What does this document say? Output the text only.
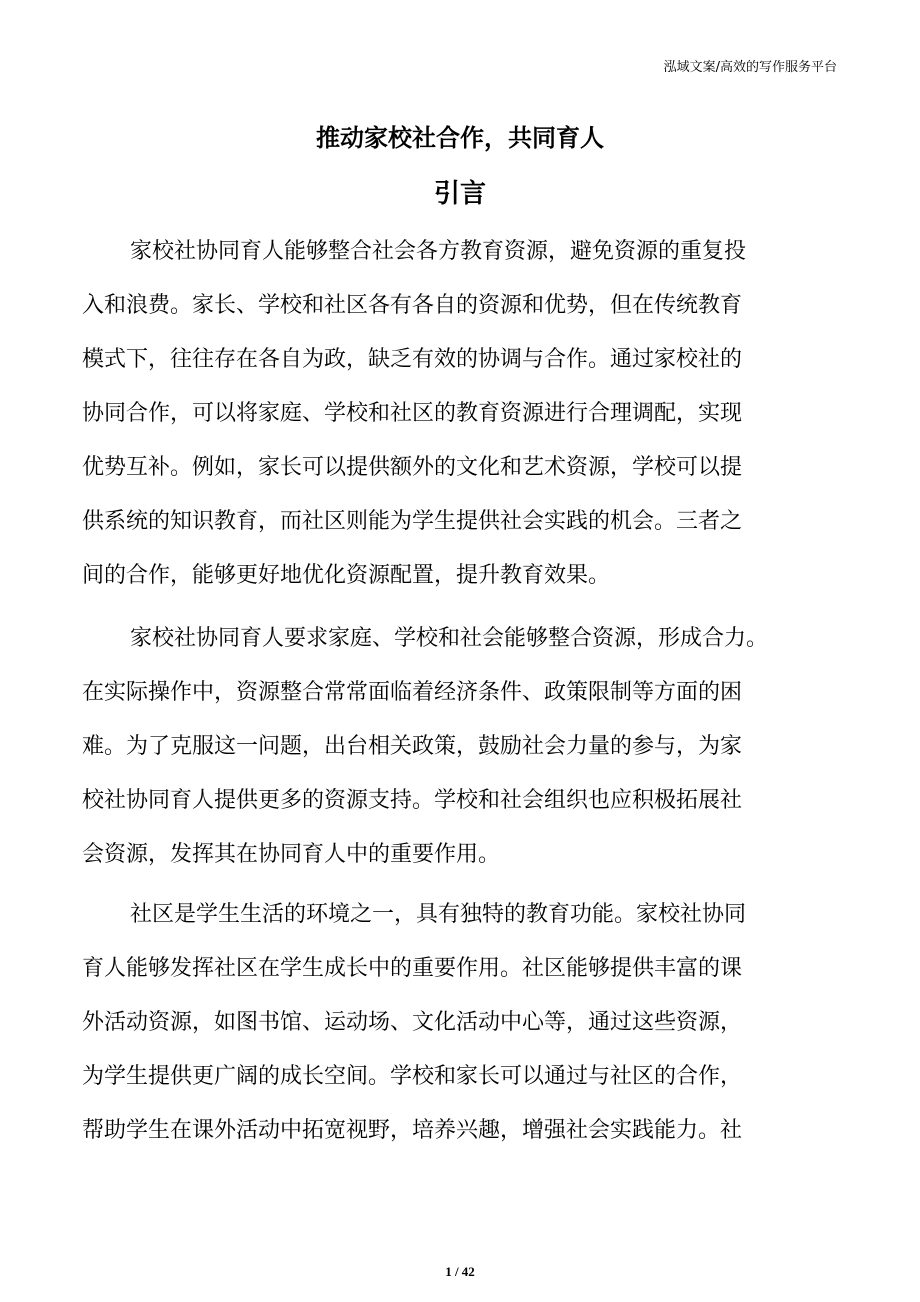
泓域文案/高效的写作服务平台
推动家校社合作，共同育人
引言
家校社协同育人能够整合社会各方教育资源，避免资源的重复投
入和浪费。家长、学校和社区各有各自的资源和优势，但在传统教育
模式下，往往存在各自为政，缺乏有效的协调与合作。通过家校社的
协同合作，可以将家庭、学校和社区的教育资源进行合理调配，实现
优势互补。例如，家长可以提供额外的文化和艺术资源，学校可以提
供系统的知识教育，而社区则能为学生提供社会实践的机会。三者之
间的合作，能够更好地优化资源配置，提升教育效果。
家校社协同育人要求家庭、学校和社会能够整合资源，形成合力。
在实际操作中，资源整合常常面临着经济条件、政策限制等方面的困
难。为了克服这一问题，出台相关政策，鼓励社会力量的参与，为家
校社协同育人提供更多的资源支持。学校和社会组织也应积极拓展社
会资源，发挥其在协同育人中的重要作用。
社区是学生生活的环境之一，具有独特的教育功能。家校社协同
育人能够发挥社区在学生成长中的重要作用。社区能够提供丰富的课
外活动资源，如图书馆、运动场、文化活动中心等，通过这些资源，
为学生提供更广阔的成长空间。学校和家长可以通过与社区的合作，
帮助学生在课外活动中拓宽视野，培养兴趣，增强社会实践能力。社
1 / 42
